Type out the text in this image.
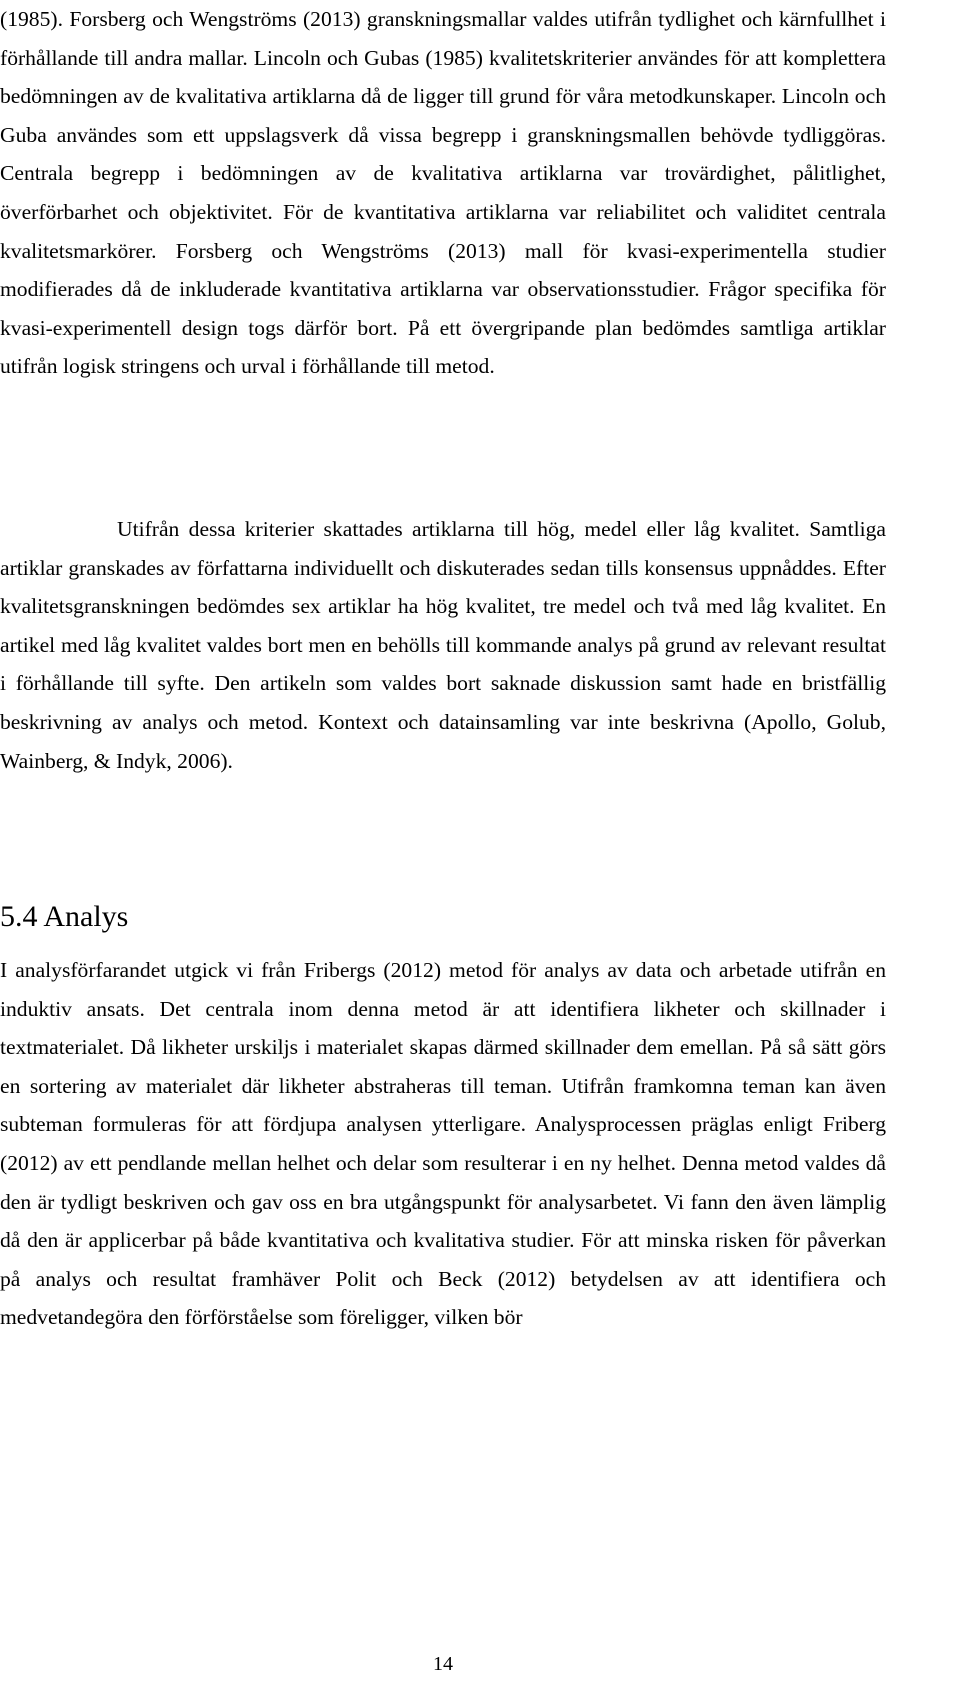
(1985). Forsberg och Wengströms (2013) granskningsmallar valdes utifrån tydlighet och kärnfullhet i förhållande till andra mallar. Lincoln och Gubas (1985) kvalitetskriterier användes för att komplettera bedömningen av de kvalitativa artiklarna då de ligger till grund för våra metodkunskaper. Lincoln och Guba användes som ett uppslagsverk då vissa begrepp i granskningsmallen behövde tydliggöras. Centrala begrepp i bedömningen av de kvalitativa artiklarna var trovärdighet, pålitlighet, överförbarhet och objektivitet. För de kvantitativa artiklarna var reliabilitet och validitet centrala kvalitetsmarkörer. Forsberg och Wengströms (2013) mall för kvasi-experimentella studier modifierades då de inkluderade kvantitativa artiklarna var observationsstudier. Frågor specifika för kvasi-experimentell design togs därför bort. På ett övergripande plan bedömdes samtliga artiklar utifrån logisk stringens och urval i förhållande till metod.

Utifrån dessa kriterier skattades artiklarna till hög, medel eller låg kvalitet. Samtliga artiklar granskades av författarna individuellt och diskuterades sedan tills konsensus uppnåddes. Efter kvalitetsgranskningen bedömdes sex artiklar ha hög kvalitet, tre medel och två med låg kvalitet. En artikel med låg kvalitet valdes bort men en behölls till kommande analys på grund av relevant resultat i förhållande till syfte. Den artikeln som valdes bort saknade diskussion samt hade en bristfällig beskrivning av analys och metod. Kontext och datainsamling var inte beskrivna (Apollo, Golub, Wainberg, & Indyk, 2006).

5.4 Analys

I analysförfarandet utgick vi från Fribergs (2012) metod för analys av data och arbetade utifrån en induktiv ansats. Det centrala inom denna metod är att identifiera likheter och skillnader i textmaterialet. Då likheter urskiljs i materialet skapas därmed skillnader dem emellan. På så sätt görs en sortering av materialet där likheter abstraheras till teman. Utifrån framkomna teman kan även subteman formuleras för att fördjupa analysen ytterligare. Analysprocessen präglas enligt Friberg (2012) av ett pendlande mellan helhet och delar som resulterar i en ny helhet. Denna metod valdes då den är tydligt beskriven och gav oss en bra utgångspunkt för analysarbetet. Vi fann den även lämplig då den är applicerbar på både kvantitativa och kvalitativa studier. För att minska risken för påverkan på analys och resultat framhäver Polit och Beck (2012) betydelsen av att identifiera och medvetandegöra den förförståelse som föreligger, vilken bör

14
